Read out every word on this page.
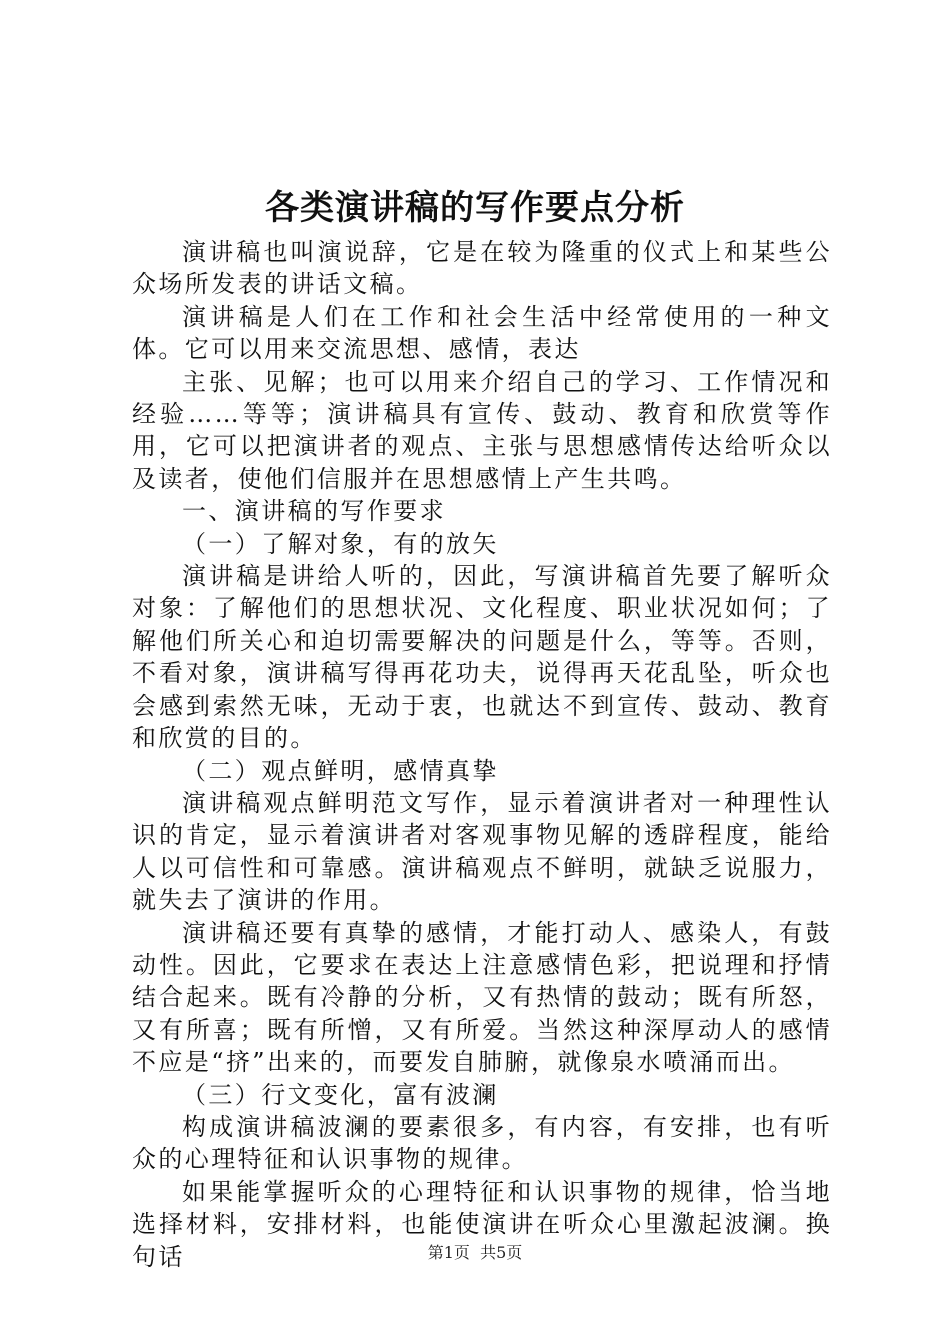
各类演讲稿的写作要点分析

演讲稿也叫演说辞，它是在较为隆重的仪式上和某些公众场所发表的讲话文稿。

演讲稿是人们在工作和社会生活中经常使用的一种文体。它可以用来交流思想、感情，表达

主张、见解；也可以用来介绍自己的学习、工作情况和经验……等等；演讲稿具有宣传、鼓动、教育和欣赏等作用，它可以把演讲者的观点、主张与思想感情传达给听众以及读者，使他们信服并在思想感情上产生共鸣。

一、演讲稿的写作要求

（一）了解对象，有的放矢

演讲稿是讲给人听的，因此，写演讲稿首先要了解听众对象：了解他们的思想状况、文化程度、职业状况如何；了解他们所关心和迫切需要解决的问题是什么，等等。否则，不看对象，演讲稿写得再花功夫，说得再天花乱坠，听众也会感到索然无味，无动于衷，也就达不到宣传、鼓动、教育和欣赏的目的。

（二）观点鲜明，感情真挚

演讲稿观点鲜明范文写作，显示着演讲者对一种理性认识的肯定，显示着演讲者对客观事物见解的透辟程度，能给人以可信性和可靠感。演讲稿观点不鲜明，就缺乏说服力，就失去了演讲的作用。

演讲稿还要有真挚的感情，才能打动人、感染人，有鼓动性。因此，它要求在表达上注意感情色彩，把说理和抒情结合起来。既有冷静的分析，又有热情的鼓动；既有所怒，又有所喜；既有所憎，又有所爱。当然这种深厚动人的感情不应是“挤”出来的，而要发自肺腑，就像泉水喷涌而出。

（三）行文变化，富有波澜

构成演讲稿波澜的要素很多，有内容，有安排，也有听众的心理特征和认识事物的规律。

如果能掌握听众的心理特征和认识事物的规律，恰当地选择材料，安排材料，也能使演讲在听众心里激起波澜。换句话	第1页 共5页
